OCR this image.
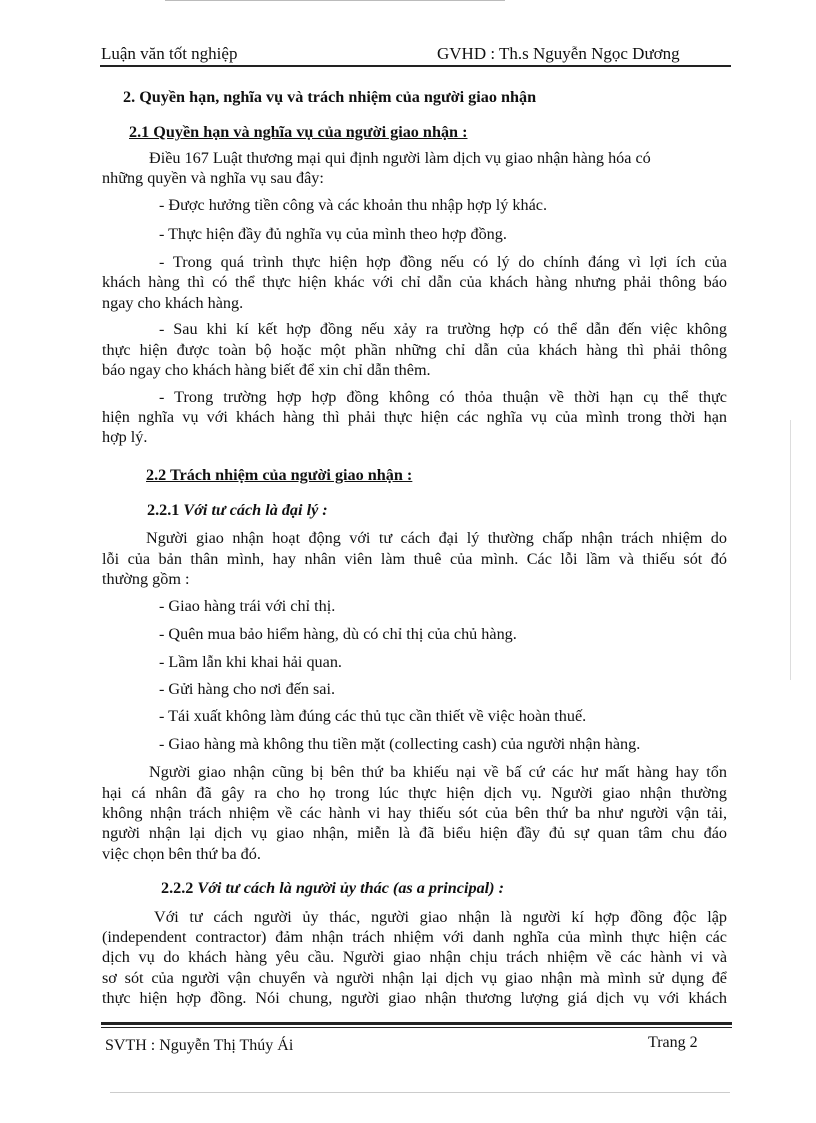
Luận văn tốt nghiệp	GVHD : Th.s Nguyễn Ngọc Dương
2. Quyền hạn, nghĩa vụ và trách nhiệm của người giao nhận
2.1 Quyền hạn và nghĩa vụ của người giao nhận :
Điều 167 Luật thương mại qui định người làm dịch vụ giao nhận hàng hóa có
những quyền và nghĩa vụ sau đây:
- Được hưởng tiền công và các khoản thu nhập hợp lý khác.
- Thực hiện đầy đủ nghĩa vụ của mình theo hợp đồng.
- Trong quá trình thực hiện hợp đồng nếu có lý do chính đáng vì lợi ích của
khách hàng thì có thể thực hiện khác với chỉ dẫn của khách hàng nhưng phải thông báo
ngay cho khách hàng.
- Sau khi kí kết hợp đồng nếu xảy ra trường hợp có thể dẫn đến việc không
thực hiện được toàn bộ hoặc một phần những chỉ dẫn của khách hàng thì phải thông
báo ngay cho khách hàng biết để xin chỉ dẫn thêm.
- Trong trường hợp hợp đồng không có thỏa thuận về thời hạn cụ thể thực
hiện nghĩa vụ với khách hàng thì phải thực hiện các nghĩa vụ của mình trong thời hạn
hợp lý.
2.2 Trách nhiệm của người giao nhận :
2.2.1 Với tư cách là đại lý :
Người giao nhận hoạt động với tư cách đại lý thường chấp nhận trách nhiệm do
lỗi của bản thân mình, hay nhân viên làm thuê của mình. Các lỗi lầm và thiếu sót đó
thường gồm :
- Giao hàng trái với chỉ thị.
- Quên mua bảo hiểm hàng, dù có chỉ thị của chủ hàng.
- Lầm lẫn khi khai hải quan.
- Gửi hàng cho nơi đến sai.
- Tái xuất không làm đúng các thủ tục cần thiết về việc hoàn thuế.
- Giao hàng mà không thu tiền mặt (collecting cash) của người nhận hàng.
Người giao nhận cũng bị bên thứ ba khiếu nại về bấ cứ các hư mất hàng hay tổn
hại cá nhân đã gây ra cho họ trong lúc thực hiện dịch vụ. Người giao nhận thường
không nhận trách nhiệm về các hành vi hay thiếu sót của bên thứ ba như người vận tải,
người nhận lại dịch vụ giao nhận, miễn là đã biểu hiện đầy đủ sự quan tâm chu đáo
việc chọn bên thứ ba đó.
2.2.2 Với tư cách là người ủy thác (as a principal) :
Với tư cách người ủy thác, người giao nhận là người kí hợp đồng độc lập
(independent contractor) đảm nhận trách nhiệm với danh nghĩa của mình thực hiện các
dịch vụ do khách hàng yêu cầu. Người giao nhận chịu trách nhiệm về các hành vi và
sơ sót của người vận chuyển và người nhận lại dịch vụ giao nhận mà mình sử dụng để
thực hiện hợp đồng. Nói chung, người giao nhận thương lượng giá dịch vụ với khách
SVTH : Nguyễn Thị Thúy Ái	Trang 2
